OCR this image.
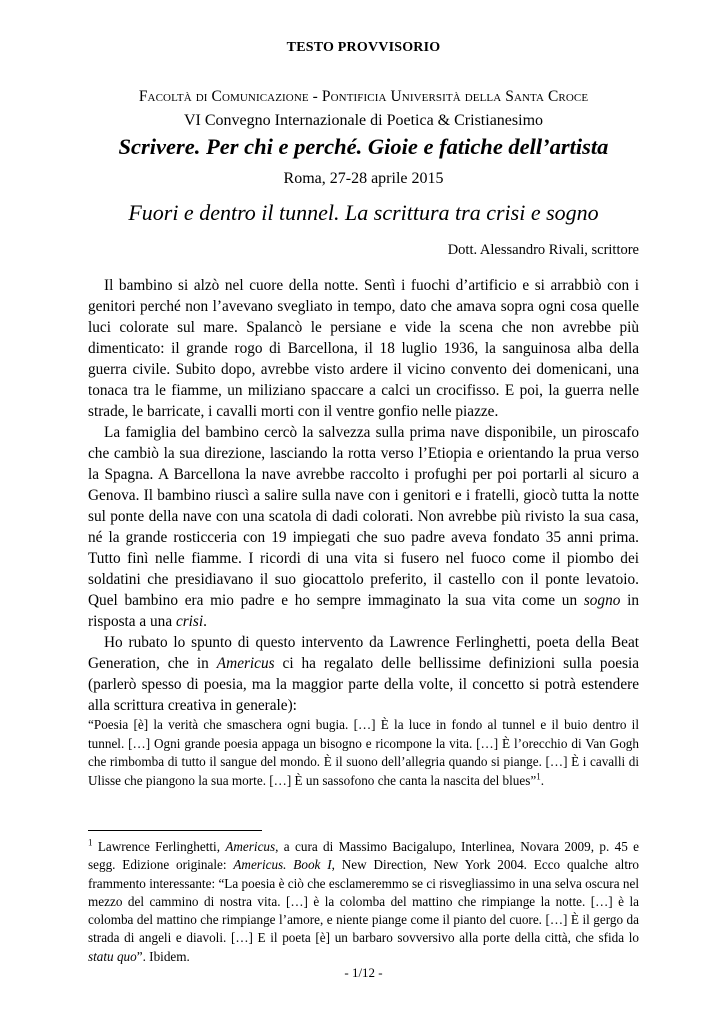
TESTO PROVVISORIO
Facoltà di Comunicazione - Pontificia Università della Santa Croce
VI Convegno Internazionale di Poetica & Cristianesimo
Scrivere. Per chi e perché. Gioie e fatiche dell’artista
Roma, 27-28 aprile 2015
Fuori e dentro il tunnel. La scrittura tra crisi e sogno
Dott. Alessandro Rivali, scrittore

Il bambino si alzò nel cuore della notte. Sentì i fuochi d’artificio e si arrabbiò con i genitori perché non l’avevano svegliato in tempo, dato che amava sopra ogni cosa quelle luci colorate sul mare. Spalancò le persiane e vide la scena che non avrebbe più dimenticato: il grande rogo di Barcellona, il 18 luglio 1936, la sanguinosa alba della guerra civile. Subito dopo, avrebbe visto ardere il vicino convento dei domenicani, una tonaca tra le fiamme, un miliziano spaccare a calci un crocifisso. E poi, la guerra nelle strade, le barricate, i cavalli morti con il ventre gonfio nelle piazze.

La famiglia del bambino cercò la salvezza sulla prima nave disponibile, un piroscafo che cambiò la sua direzione, lasciando la rotta verso l’Etiopia e orientando la prua verso la Spagna. A Barcellona la nave avrebbe raccolto i profughi per poi portarli al sicuro a Genova. Il bambino riuscì a salire sulla nave con i genitori e i fratelli, giocò tutta la notte sul ponte della nave con una scatola di dadi colorati. Non avrebbe più rivisto la sua casa, né la grande rosticceria con 19 impiegati che suo padre aveva fondato 35 anni prima. Tutto finì nelle fiamme. I ricordi di una vita si fusero nel fuoco come il piombo dei soldatini che presidiavano il suo giocattolo preferito, il castello con il ponte levatoio. Quel bambino era mio padre e ho sempre immaginato la sua vita come un sogno in risposta a una crisi.

Ho rubato lo spunto di questo intervento da Lawrence Ferlinghetti, poeta della Beat Generation, che in Americus ci ha regalato delle bellissime definizioni sulla poesia (parlerò spesso di poesia, ma la maggior parte della volte, il concetto si potrà estendere alla scrittura creativa in generale):

“Poesia [è] la verità che smaschera ogni bugia. […] È la luce in fondo al tunnel e il buio dentro il tunnel. […] Ogni grande poesia appaga un bisogno e ricompone la vita. […] È l’orecchio di Van Gogh che rimbomba di tutto il sangue del mondo. È il suono dell’allegria quando si piange. […] È i cavalli di Ulisse che piangono la sua morte. […] È un sassofono che canta la nascita del blues”$^1$.

$^1$ Lawrence Ferlinghetti, Americus, a cura di Massimo Bacigalupo, Interlinea, Novara 2009, p. 45 e segg. Edizione originale: Americus. Book I, New Direction, New York 2004. Ecco qualche altro frammento interessante: “La poesia è ciò che esclameremmo se ci risvegliassimo in una selva oscura nel mezzo del cammino di nostra vita. […] è la colomba del mattino che rimpiange la notte. […] è la colomba del mattino che rimpiange l’amore, e niente piange come il pianto del cuore. […] È il gergo da strada di angeli e diavoli. […] E il poeta [è] un barbaro sovversivo alla porte della città, che sfida lo statu quo”. Ibidem.
- 1/12 -
